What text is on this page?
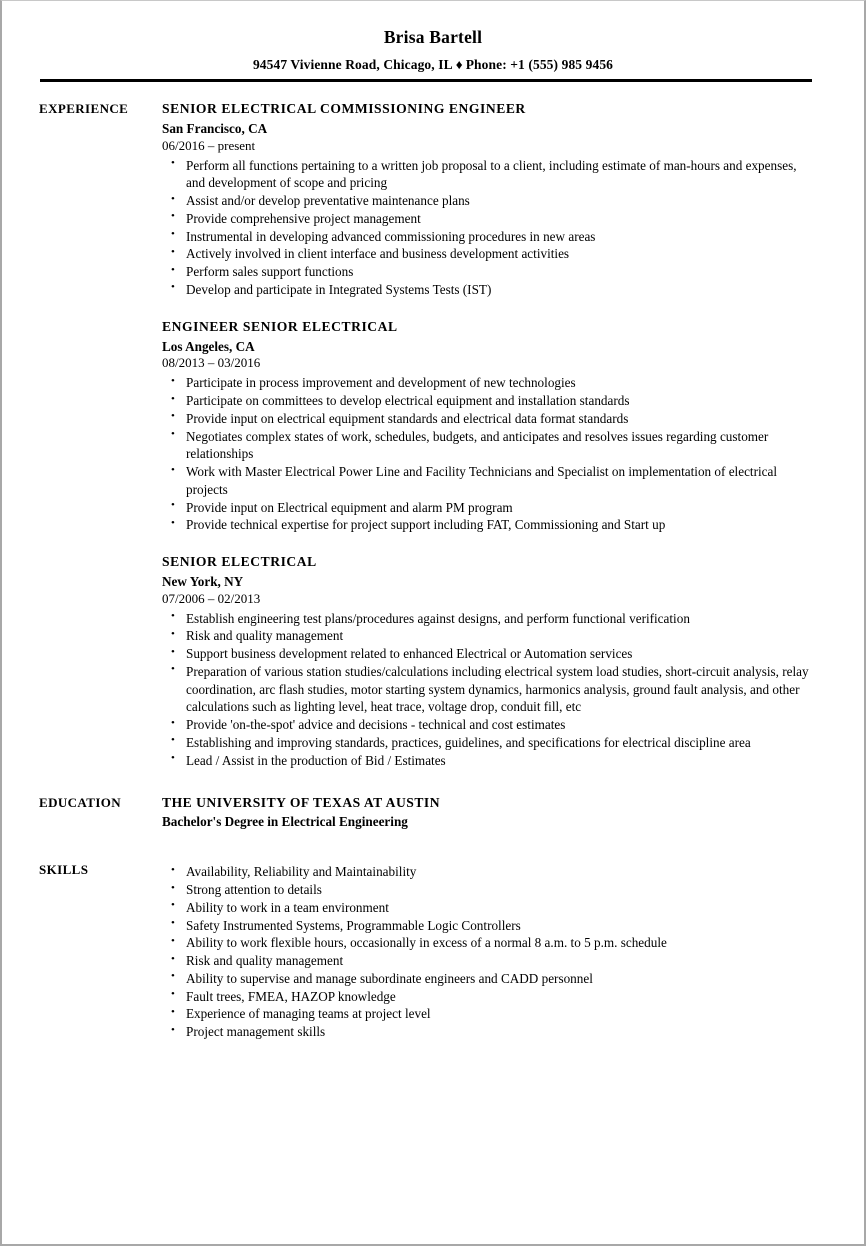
Brisa Bartell
94547 Vivienne Road, Chicago, IL ♦ Phone: +1 (555) 985 9456
EXPERIENCE	SENIOR ELECTRICAL COMMISSIONING ENGINEER
San Francisco, CA
06/2016 – present
• Perform all functions pertaining to a written job proposal to a client, including estimate of man-hours and expenses, and development of scope and pricing
• Assist and/or develop preventative maintenance plans
• Provide comprehensive project management
• Instrumental in developing advanced commissioning procedures in new areas
• Actively involved in client interface and business development activities
• Perform sales support functions
• Develop and participate in Integrated Systems Tests (IST)
ENGINEER SENIOR ELECTRICAL
Los Angeles, CA
08/2013 – 03/2016
• Participate in process improvement and development of new technologies
• Participate on committees to develop electrical equipment and installation standards
• Provide input on electrical equipment standards and electrical data format standards
• Negotiates complex states of work, schedules, budgets, and anticipates and resolves issues regarding customer relationships
• Work with Master Electrical Power Line and Facility Technicians and Specialist on implementation of electrical projects
• Provide input on Electrical equipment and alarm PM program
• Provide technical expertise for project support including FAT, Commissioning and Start up
SENIOR ELECTRICAL
New York, NY
07/2006 – 02/2013
• Establish engineering test plans/procedures against designs, and perform functional verification
• Risk and quality management
• Support business development related to enhanced Electrical or Automation services
• Preparation of various station studies/calculations including electrical system load studies, short-circuit analysis, relay coordination, arc flash studies, motor starting system dynamics, harmonics analysis, ground fault analysis, and other calculations such as lighting level, heat trace, voltage drop, conduit fill, etc
• Provide 'on-the-spot' advice and decisions - technical and cost estimates
• Establishing and improving standards, practices, guidelines, and specifications for electrical discipline area
• Lead / Assist in the production of Bid / Estimates
EDUCATION	THE UNIVERSITY OF TEXAS AT AUSTIN
Bachelor's Degree in Electrical Engineering
SKILLS	• Availability, Reliability and Maintainability
• Strong attention to details
• Ability to work in a team environment
• Safety Instrumented Systems, Programmable Logic Controllers
• Ability to work flexible hours, occasionally in excess of a normal 8 a.m. to 5 p.m. schedule
• Risk and quality management
• Ability to supervise and manage subordinate engineers and CADD personnel
• Fault trees, FMEA, HAZOP knowledge
• Experience of managing teams at project level
• Project management skills
